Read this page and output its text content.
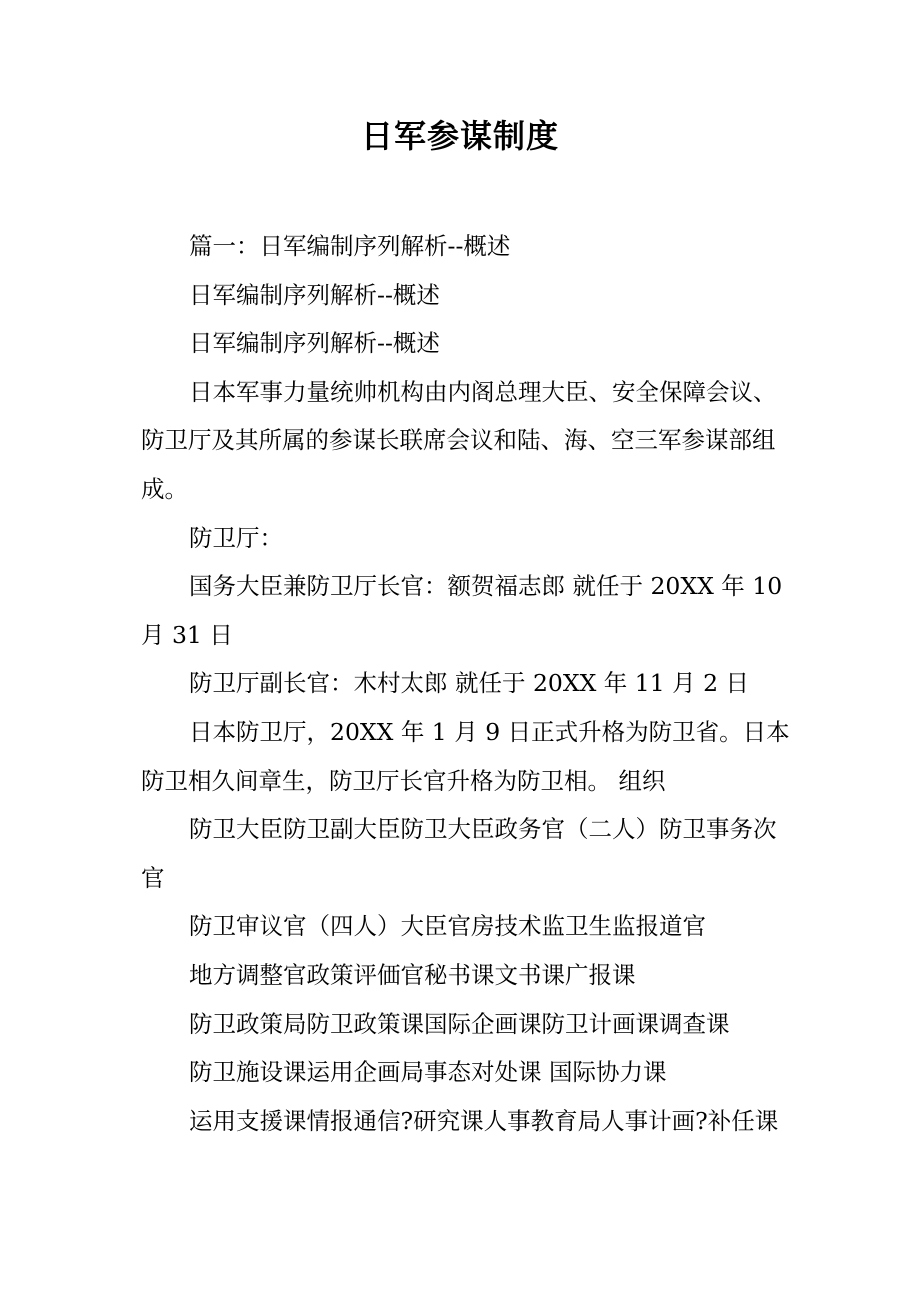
日军参谋制度

篇一：日军编制序列解析--概述

日军编制序列解析--概述

日军编制序列解析--概述

日本军事力量统帅机构由内阁总理大臣、安全保障会议、防卫厅及其所属的参谋长联席会议和陆、海、空三军参谋部组成。

防卫厅：

国务大臣兼防卫厅长官：额贺福志郎 就任于 20XX 年 10 月 31 日

防卫厅副长官：木村太郎 就任于 20XX 年 11 月 2 日

日本防卫厅，20XX 年 1 月 9 日正式升格为防卫省。日本防卫相久间章生，防卫厅长官升格为防卫相。 组织

防卫大臣防卫副大臣防卫大臣政务官（二人）防卫事务次官

防卫审议官（四人）大臣官房技术监卫生监报道官

地方调整官政策评価官秘书课文书课广报课

防卫政策局防卫政策课国际企画课防卫计画课调查课

防卫施设课运用企画局事态对处课 国际协力课

运用支援课情报通信?研究课人事教育局人事计画?补任课
